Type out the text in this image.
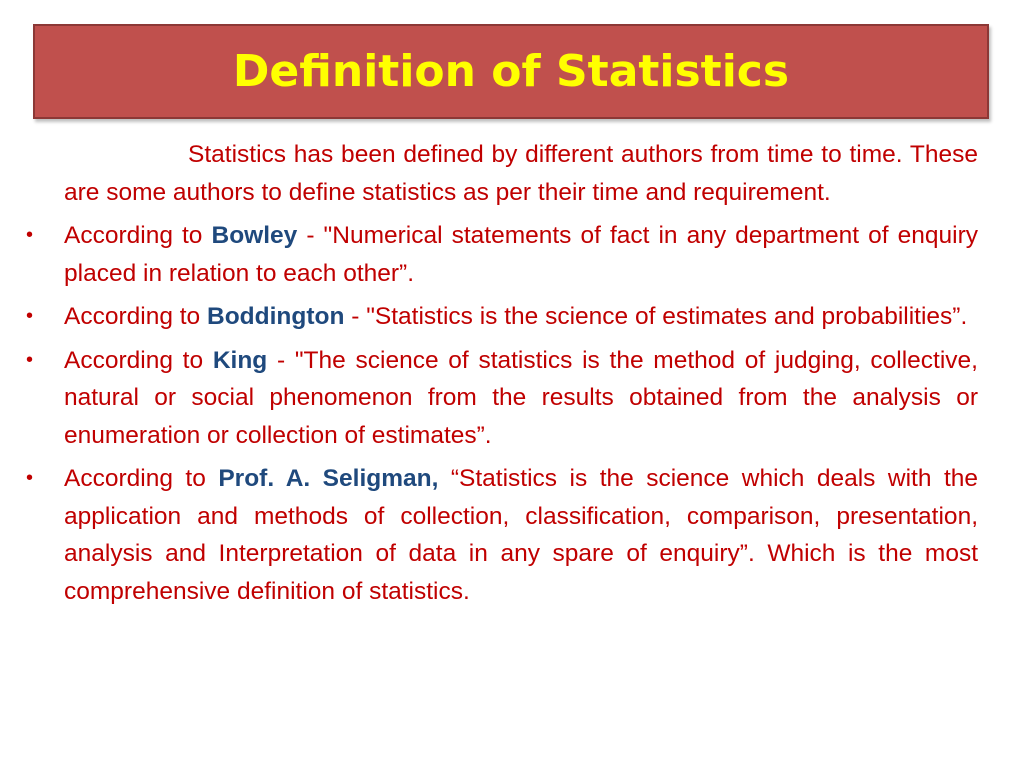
Definition of Statistics

Statistics has been defined by different authors from time to time. These are some authors to define statistics as per their time and requirement.

• According to Bowley - "Numerical statements of fact in any department of enquiry placed in relation to each other”.

• According to Boddington - "Statistics is the science of estimates and probabilities”.

• According to King - "The science of statistics is the method of judging, collective, natural or social phenomenon from the results obtained from the analysis or enumeration or collection of estimates”.

• According to Prof. A. Seligman, “Statistics is the science which deals with the application and methods of collection, classification, comparison, presentation, analysis and Interpretation of data in any spare of enquiry”. Which is the most comprehensive definition of statistics.
